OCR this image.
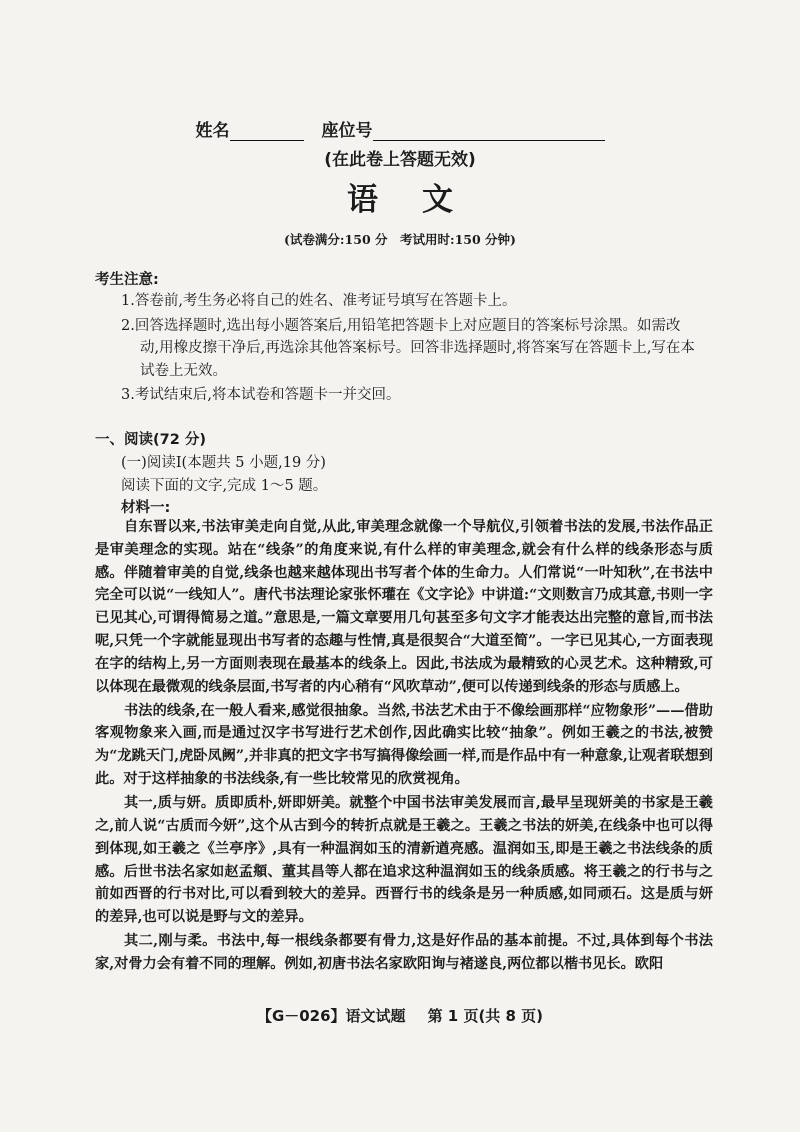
姓名	座位号
(在此卷上答题无效)
语文
(试卷满分:150 分　考试用时:150 分钟)
考生注意:
1.答卷前,考生务必将自己的姓名、准考证号填写在答题卡上。
2.回答选择题时,选出每小题答案后,用铅笔把答题卡上对应题目的答案标号涂黑。如需改
动,用橡皮擦干净后,再选涂其他答案标号。回答非选择题时,将答案写在答题卡上,写在本
试卷上无效。
3.考试结束后,将本试卷和答题卡一并交回。
一、阅读(72 分)
(一)阅读Ⅰ(本题共 5 小题,19 分)
阅读下面的文字,完成 1～5 题。
材料一:

自东晋以来,书法审美走向自觉,从此,审美理念就像一个导航仪,引领着书法的发展,书法作品正是审美理念的实现。站在“线条”的角度来说,有什么样的审美理念,就会有什么样的线条形态与质感。伴随着审美的自觉,线条也越来越体现出书写者个体的生命力。人们常说“一叶知秋”,在书法中完全可以说“一线知人”。唐代书法理论家张怀瓘在《文字论》中讲道:“文则数言乃成其意,书则一字已见其心,可谓得简易之道。”意思是,一篇文章要用几句甚至多句文字才能表达出完整的意旨,而书法呢,只凭一个字就能显现出书写者的态趣与性情,真是很契合“大道至简”。一字已见其心,一方面表现在字的结构上,另一方面则表现在最基本的线条上。因此,书法成为最精致的心灵艺术。这种精致,可以体现在最微观的线条层面,书写者的内心稍有“风吹草动”,便可以传递到线条的形态与质感上。

书法的线条,在一般人看来,感觉很抽象。当然,书法艺术由于不像绘画那样“应物象形”——借助客观物象来入画,而是通过汉字书写进行艺术创作,因此确实比较“抽象”。例如王羲之的书法,被赞为“龙跳天门,虎卧凤阙”,并非真的把文字书写搞得像绘画一样,而是作品中有一种意象,让观者联想到此。对于这样抽象的书法线条,有一些比较常见的欣赏视角。

其一,质与妍。质即质朴,妍即妍美。就整个中国书法审美发展而言,最早呈现妍美的书家是王羲之,前人说“古质而今妍”,这个从古到今的转折点就是王羲之。王羲之书法的妍美,在线条中也可以得到体现,如王羲之《兰亭序》,具有一种温润如玉的清新遒亮感。温润如玉,即是王羲之书法线条的质感。后世书法名家如赵孟頫、董其昌等人都在追求这种温润如玉的线条质感。将王羲之的行书与之前如西晋的行书对比,可以看到较大的差异。西晋行书的线条是另一种质感,如同顽石。这是质与妍的差异,也可以说是野与文的差异。

其二,刚与柔。书法中,每一根线条都要有骨力,这是好作品的基本前提。不过,具体到每个书法家,对骨力会有着不同的理解。例如,初唐书法名家欧阳询与褚遂良,两位都以楷书见长。欧阳

【G－026】语文试题 第 1 页(共 8 页)
